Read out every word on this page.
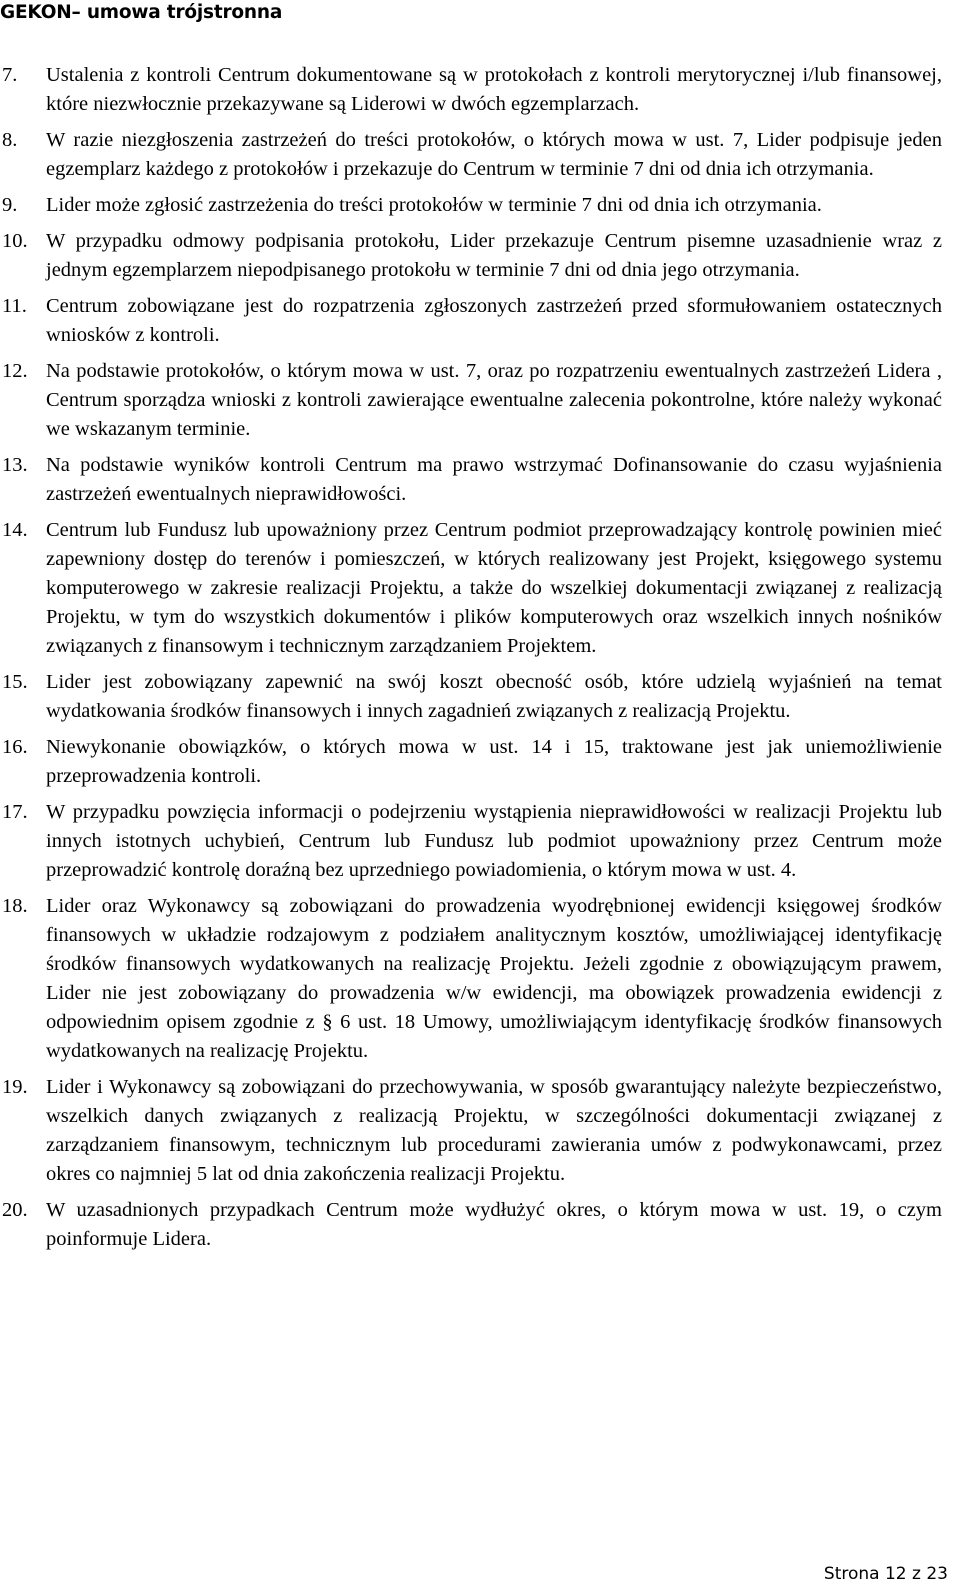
GEKON– umowa trójstronna
7.	Ustalenia z kontroli Centrum dokumentowane są w protokołach z kontroli merytorycznej i/lub finansowej, które niezwłocznie przekazywane są Liderowi w dwóch egzemplarzach.
8.	W razie niezgłoszenia zastrzeżeń do treści protokołów, o których mowa w ust. 7, Lider podpisuje jeden egzemplarz każdego z protokołów i przekazuje do Centrum w terminie 7 dni od dnia ich otrzymania.
9.	Lider może zgłosić zastrzeżenia do treści protokołów w terminie 7 dni od dnia ich otrzymania.
10. W przypadku odmowy podpisania protokołu, Lider przekazuje Centrum pisemne uzasadnienie wraz z jednym egzemplarzem niepodpisanego protokołu w terminie 7 dni od dnia jego otrzymania.
11. Centrum zobowiązane jest do rozpatrzenia zgłoszonych zastrzeżeń przed sformułowaniem ostatecznych wniosków z kontroli.
12. Na podstawie protokołów, o którym mowa w ust. 7, oraz po rozpatrzeniu ewentualnych zastrzeżeń Lidera , Centrum sporządza wnioski z kontroli zawierające ewentualne zalecenia pokontrolne, które należy wykonać we wskazanym terminie.
13. Na podstawie wyników kontroli Centrum ma prawo wstrzymać Dofinansowanie do czasu wyjaśnienia zastrzeżeń ewentualnych nieprawidłowości.
14. Centrum lub Fundusz lub upoważniony przez Centrum podmiot przeprowadzający kontrolę powinien mieć zapewniony dostęp do terenów i pomieszczeń, w których realizowany jest Projekt, księgowego systemu komputerowego w zakresie realizacji Projektu, a także do wszelkiej dokumentacji związanej z realizacją Projektu, w tym do wszystkich dokumentów i plików komputerowych oraz wszelkich innych nośników związanych z finansowym i technicznym zarządzaniem Projektem.
15. Lider jest zobowiązany zapewnić na swój koszt obecność osób, które udzielą wyjaśnień na temat wydatkowania środków finansowych i innych zagadnień związanych z realizacją Projektu.
16. Niewykonanie obowiązków, o których mowa w ust. 14 i 15, traktowane jest jak uniemożliwienie przeprowadzenia kontroli.
17. W przypadku powzięcia informacji o podejrzeniu wystąpienia nieprawidłowości w realizacji Projektu lub innych istotnych uchybień, Centrum lub Fundusz lub podmiot upoważniony przez Centrum może przeprowadzić kontrolę doraźną bez uprzedniego powiadomienia, o którym mowa w ust. 4.
18. Lider oraz Wykonawcy są zobowiązani do prowadzenia wyodrębnionej ewidencji księgowej środków finansowych w układzie rodzajowym z podziałem analitycznym kosztów, umożliwiającej identyfikację środków finansowych wydatkowanych na realizację Projektu. Jeżeli zgodnie z obowiązującym prawem, Lider nie jest zobowiązany do prowadzenia w/w ewidencji, ma obowiązek prowadzenia ewidencji z odpowiednim opisem zgodnie z § 6 ust. 18 Umowy, umożliwiającym identyfikację środków finansowych wydatkowanych na realizację Projektu.
19. Lider i Wykonawcy są zobowiązani do przechowywania, w sposób gwarantujący należyte bezpieczeństwo, wszelkich danych związanych z realizacją Projektu, w szczególności dokumentacji związanej z zarządzaniem finansowym, technicznym lub procedurami zawierania umów z podwykonawcami, przez okres co najmniej 5 lat od dnia zakończenia realizacji Projektu.
20. W uzasadnionych przypadkach Centrum może wydłużyć okres, o którym mowa w ust. 19, o czym poinformuje Lidera.
Strona 12 z 23
